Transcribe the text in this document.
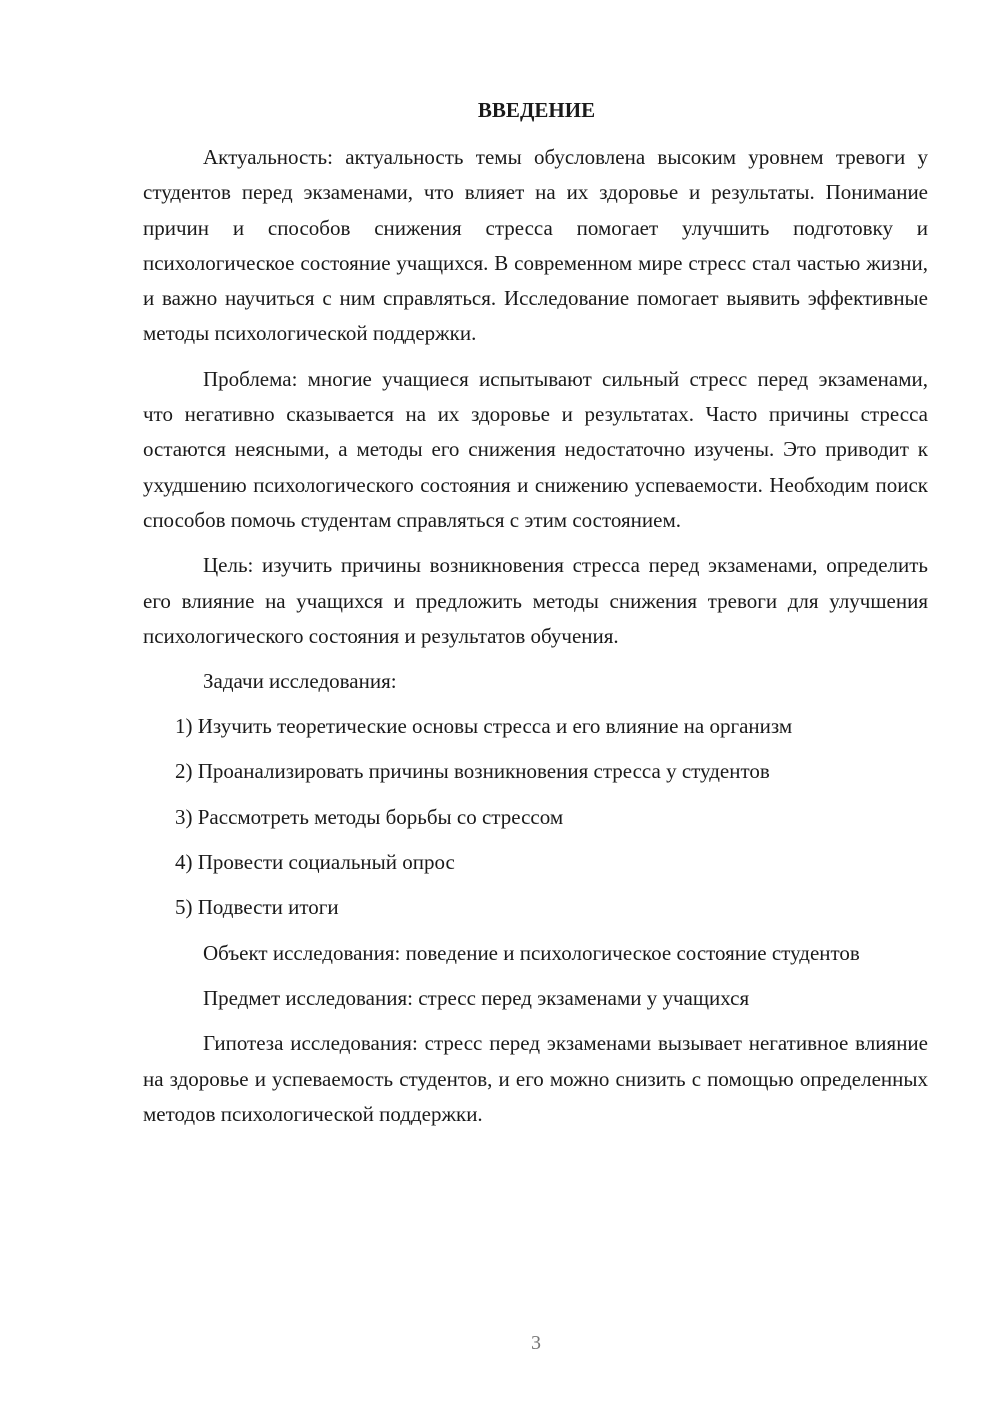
ВВЕДЕНИЕ

Актуальность: актуальность темы обусловлена высоким уровнем тревоги у студентов перед экзаменами, что влияет на их здоровье и результаты. Понимание причин и способов снижения стресса помогает улучшить подготовку и психологическое состояние учащихся. В современном мире стресс стал частью жизни, и важно научиться с ним справляться. Исследование помогает выявить эффективные методы психологической поддержки.

Проблема: многие учащиеся испытывают сильный стресс перед экзаменами, что негативно сказывается на их здоровье и результатах. Часто причины стресса остаются неясными, а методы его снижения недостаточно изучены. Это приводит к ухудшению психологического состояния и снижению успеваемости. Необходим поиск способов помочь студентам справляться с этим состоянием.

Цель: изучить причины возникновения стресса перед экзаменами, определить его влияние на учащихся и предложить методы снижения тревоги для улучшения психологического состояния и результатов обучения.

Задачи исследования:
1) Изучить теоретические основы стресса и его влияние на организм
2) Проанализировать причины возникновения стресса у студентов
3) Рассмотреть методы борьбы со стрессом
4) Провести социальный опрос
5) Подвести итоги

Объект исследования: поведение и психологическое состояние студентов

Предмет исследования: стресс перед экзаменами у учащихся

Гипотеза исследования: стресс перед экзаменами вызывает негативное влияние на здоровье и успеваемость студентов, и его можно снизить с помощью определенных методов психологической поддержки.

3
